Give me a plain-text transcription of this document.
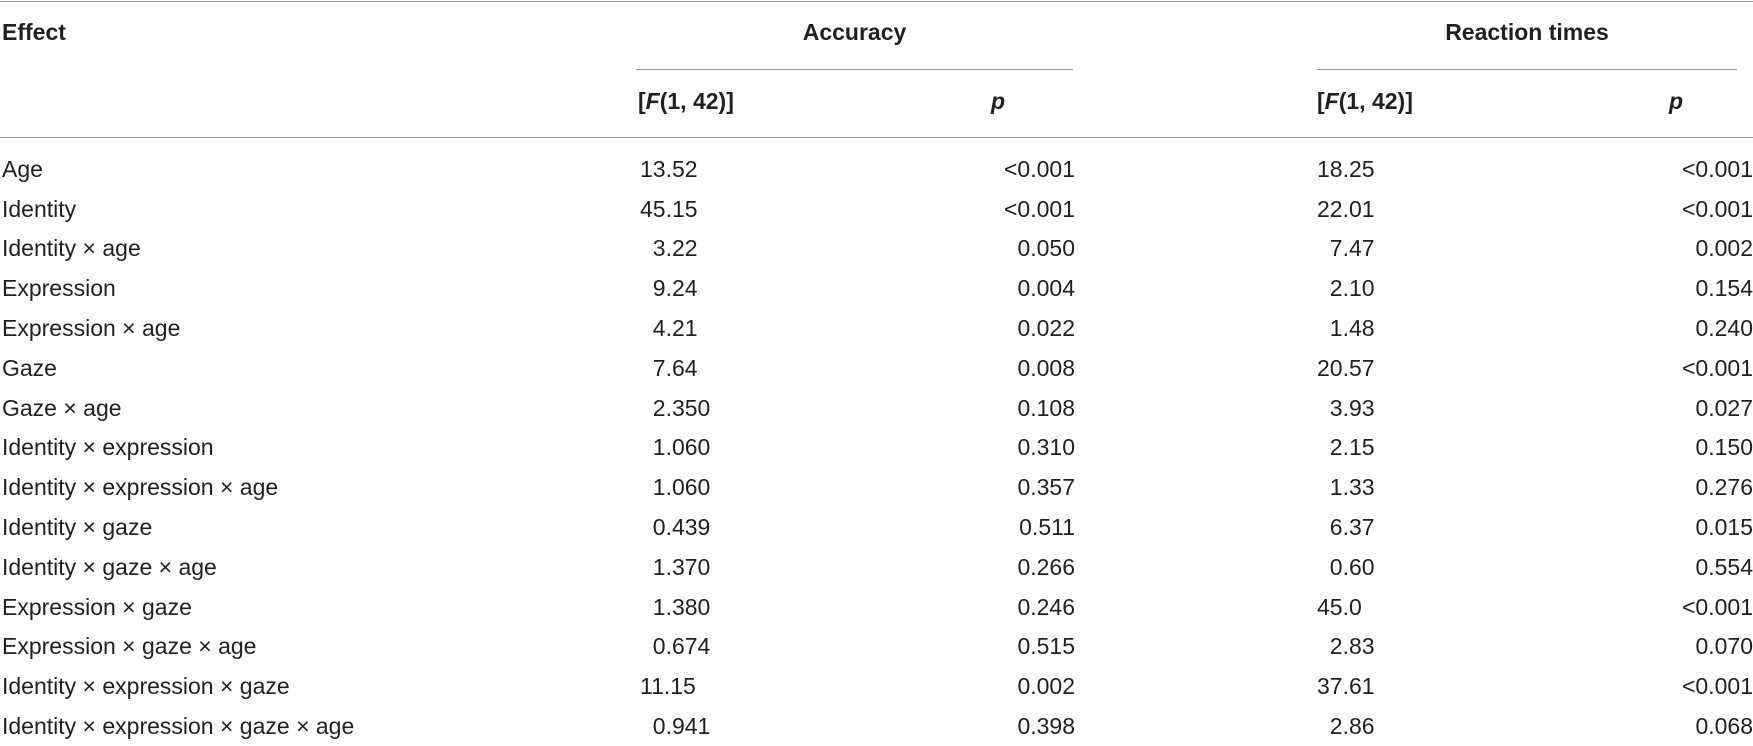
Effect	Accuracy	Reaction times
[F(1, 42)]	p	[F(1, 42)]	p
Age	13.52	<0.001		18.25	<0.001
Identity	45.15	<0.001		22.01	<0.001
Identity × age	 3.22	0.050		 7.47	0.002
Expression	 9.24	0.004		 2.10	0.154
Expression × age	 4.21	0.022		 1.48	0.240
Gaze	 7.64	0.008		20.57	<0.001
Gaze × age	 2.350	0.108		 3.93	0.027
Identity × expression	 1.060	0.310		 2.15	0.150
Identity × expression × age	 1.060	0.357		 1.33	0.276
Identity × gaze	 0.439	0.511		 6.37	0.015
Identity × gaze × age	 1.370	0.266		 0.60	0.554
Expression × gaze	 1.380	0.246		45.0	<0.001
Expression × gaze × age	 0.674	0.515		 2.83	0.070
Identity × expression × gaze	11.15	0.002		37.61	<0.001
Identity × expression × gaze × age	 0.941	0.398		 2.86	0.068
